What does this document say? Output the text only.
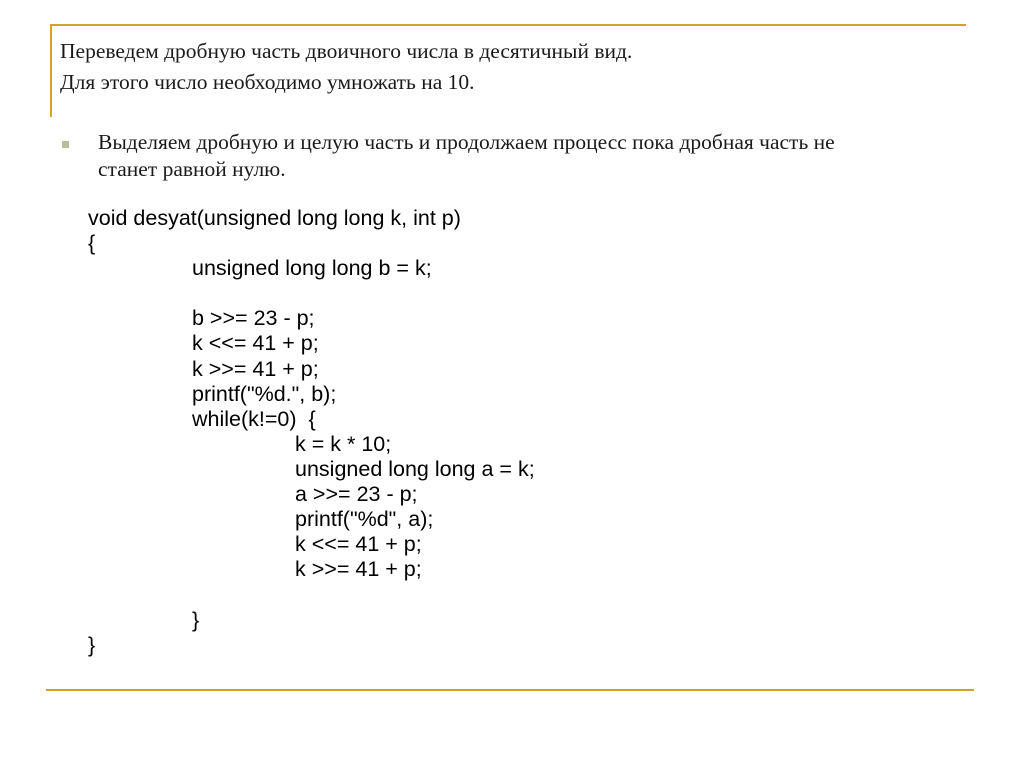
Переведем дробную часть двоичного числа в десятичный вид.
Для этого число необходимо умножать на 10.
Выделяем дробную и целую часть и продолжаем процесс пока дробная часть не
станет равной нулю.
void desyat(unsigned long long k, int p)
{
unsigned long long b = k;
b >>= 23 - p;
k <<= 41 + p;
k >>= 41 + p;
printf("%d.", b);
while(k!=0)  {
k = k * 10;
unsigned long long a = k;
a >>= 23 - p;
printf("%d", a);
k <<= 41 + p;
k >>= 41 + p;
}
}
